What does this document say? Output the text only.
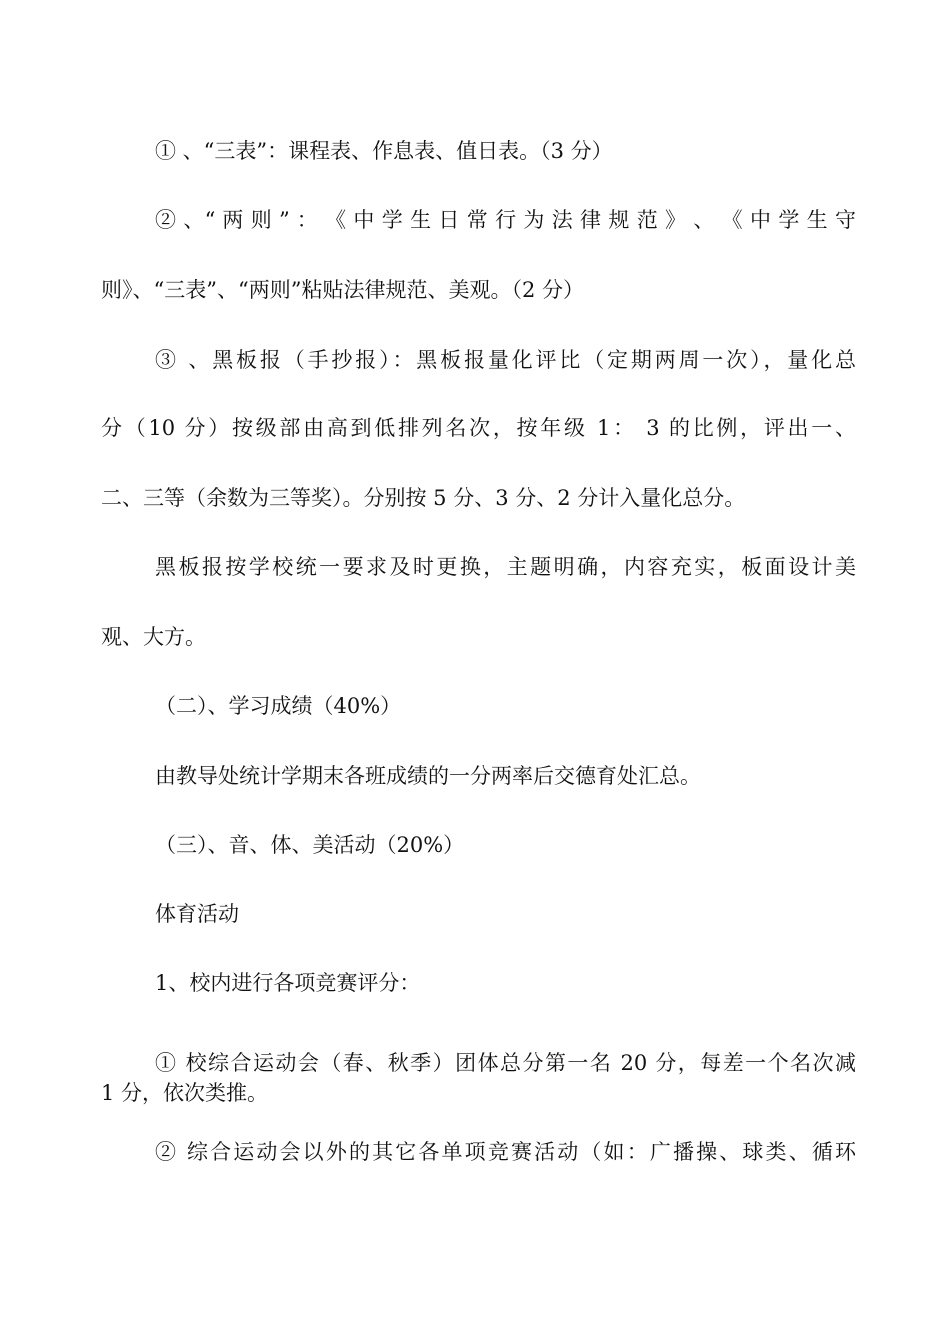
① 、“三表”：课程表、作息表、值日表。（3 分）
② 、“ 两 则 ” ： 《 中 学 生 日 常 行 为 法 律 规 范 》 、 《 中 学 生 守
则》、“三表”、“两则”粘贴法律规范、美观。（2 分）
③ 、黑板报（手抄报）：黑板报量化评比（定期两周一次），量化总
分（10 分）按级部由高到低排列名次，按年级 1： 3 的比例，评出一、
二、三等（余数为三等奖）。分别按 5 分、3 分、2 分计入量化总分。
黑板报按学校统一要求及时更换，主题明确，内容充实，板面设计美
观、大方。
（二）、学习成绩（40%）
由教导处统计学期末各班成绩的一分两率后交德育处汇总。
（三）、音、体、美活动（20%）
体育活动
1、校内进行各项竞赛评分：
① 校综合运动会（春、秋季）团体总分第一名 20 分，每差一个名次减
1 分，依次类推。
② 综合运动会以外的其它各单项竞赛活动（如：广播操、球类、循环
